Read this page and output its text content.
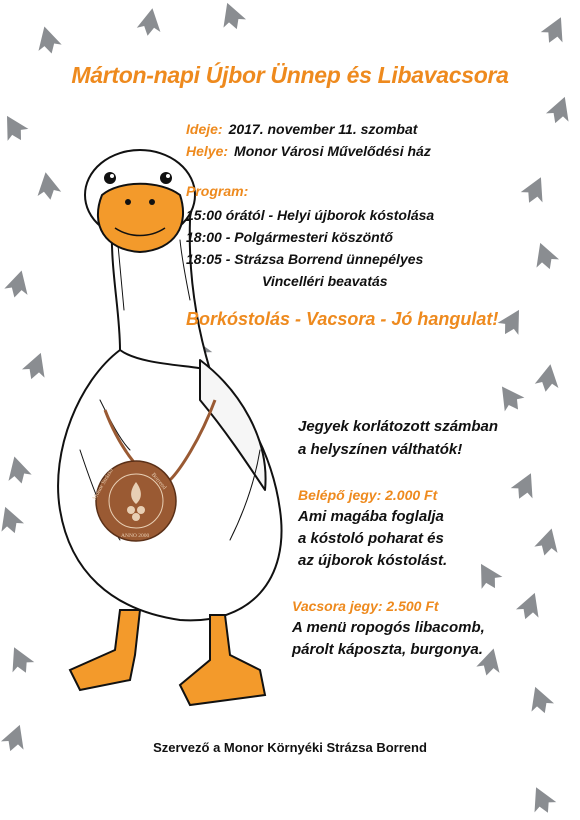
Monor Strázsa	Borrend
ANNO 2000
Márton-napi Újbor Ünnep és Libavacsora
Ideje: 2017. november 11. szombat
Helye: Monor Városi Művelődési ház
Program:
15:00 órától - Helyi újborok kóstolása
18:00 - Polgármesteri köszöntő
18:05 - Strázsa Borrend ünnepélyes
Vincelléri beavatás
Borkóstolás - Vacsora - Jó hangulat!
Jegyek korlátozott számban
a helyszínen válthatók!
Belépő jegy: 2.000 Ft
Ami magába foglalja
a kóstoló poharat és
az újborok kóstolást.
Vacsora jegy: 2.500 Ft
A menü ropogós libacomb,
párolt káposzta, burgonya.
Szervező a Monor Környéki Strázsa Borrend
